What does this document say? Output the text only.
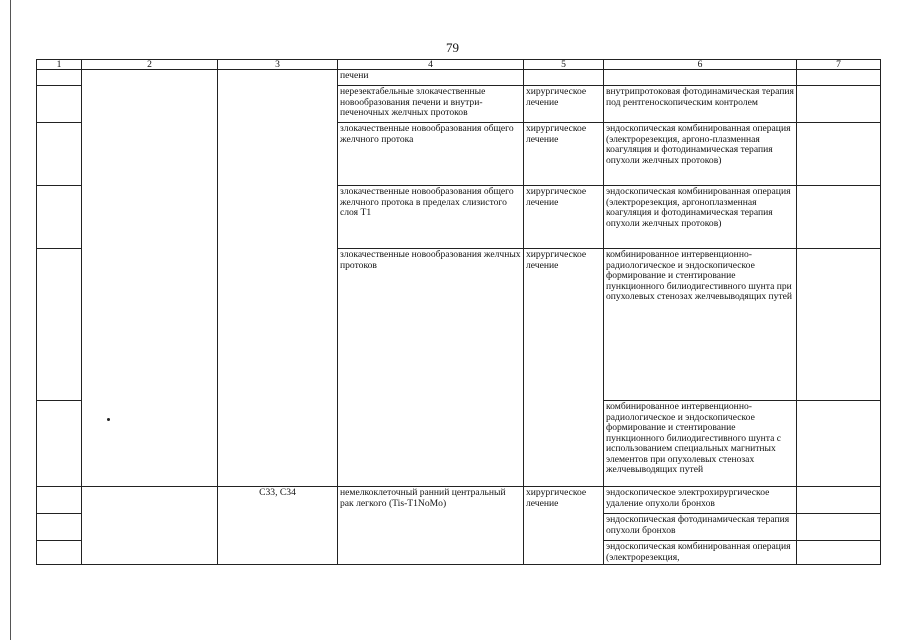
79
1	2	3	4	5	6	7
			печени			
			нерезектабельные злокачественные новообразования печени и внутри-печеночных желчных протоков	хирургическое лечение	внутрипротоковая фотодинамическая терапия под рентгеноскопическим контролем	
			злокачественные новообразования общего желчного протока	хирургическое лечение	эндоскопическая комбинированная операция (электрорезекция, аргоно-плазменная коагуляция и фотодинамическая терапия опухоли желчных протоков)	
			злокачественные новообразования общего желчного протока в пределах слизистого слоя T1	хирургическое лечение	эндоскопическая комбинированная операция (электрорезекция, аргоноплазменная коагуляция и фотодинамическая терапия опухоли желчных протоков)	
			злокачественные новообразования желчных протоков	хирургическое лечение	комбинированное интервенционно-радиологическое и эндоскопическое формирование и стентирование пункционного билиодигестивного шунта при опухолевых стенозах желчевыводящих путей	
					комбинированное интервенционно-радиологическое и эндоскопическое формирование и стентирование пункционного билиодигестивного шунта с использованием специальных магнитных элементов при опухолевых стенозах желчевыводящих путей	
		С33, С34	немелкоклеточный ранний центральный рак легкого (Tis-T1NoMo)	хирургическое лечение	эндоскопическое электрохирургическое удаление опухоли бронхов	
					эндоскопическая фотодинамическая терапия опухоли бронхов	
					эндоскопическая комбинированная операция (электрорезекция,	
